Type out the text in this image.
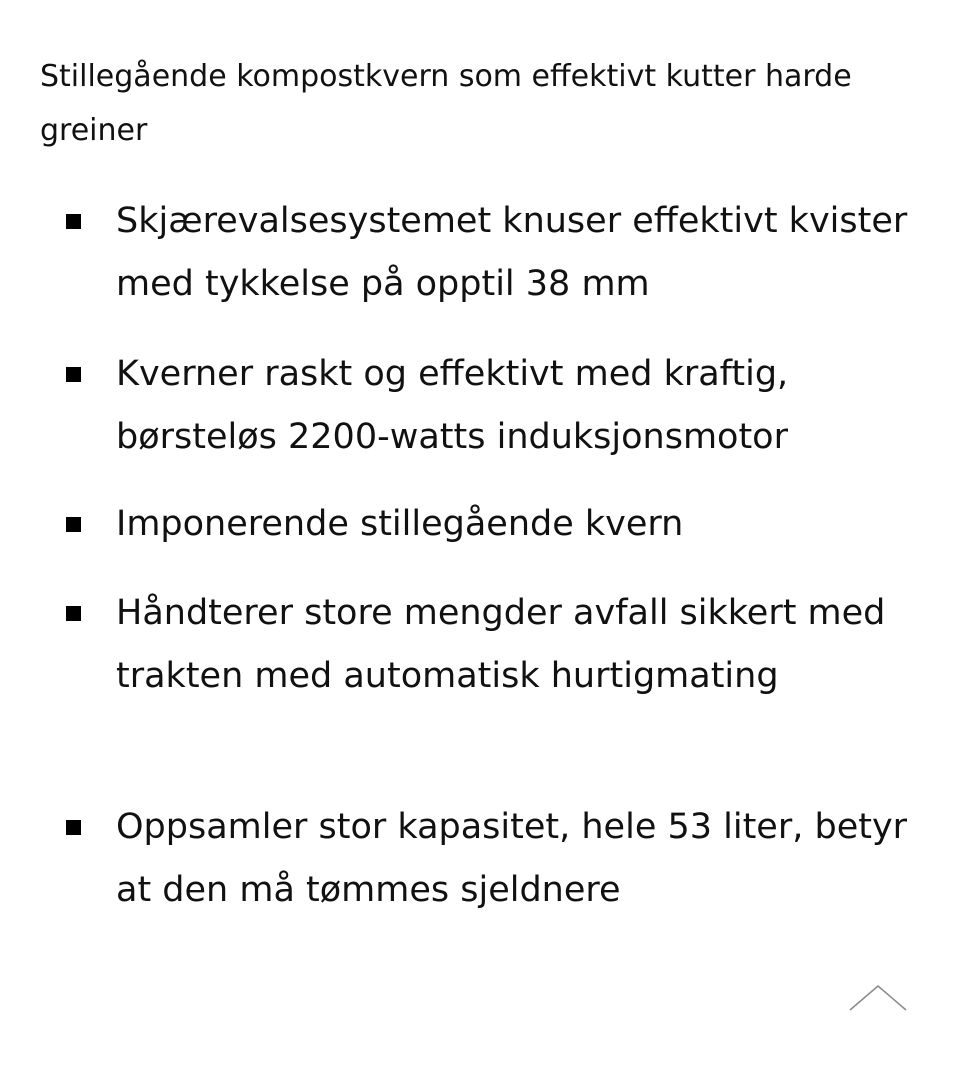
Stillegående kompostkvern som effektivt kutter harde greiner

Skjærevalsesystemet knuser effektivt kvister med tykkelse på opptil 38 mm
Kverner raskt og effektivt med kraftig, børsteløs 2200-watts induksjonsmotor
Imponerende stillegående kvern
Håndterer store mengder avfall sikkert med trakten med automatisk hurtigmating
Oppsamler stor kapasitet, hele 53 liter, betyr at den må tømmes sjeldnere
